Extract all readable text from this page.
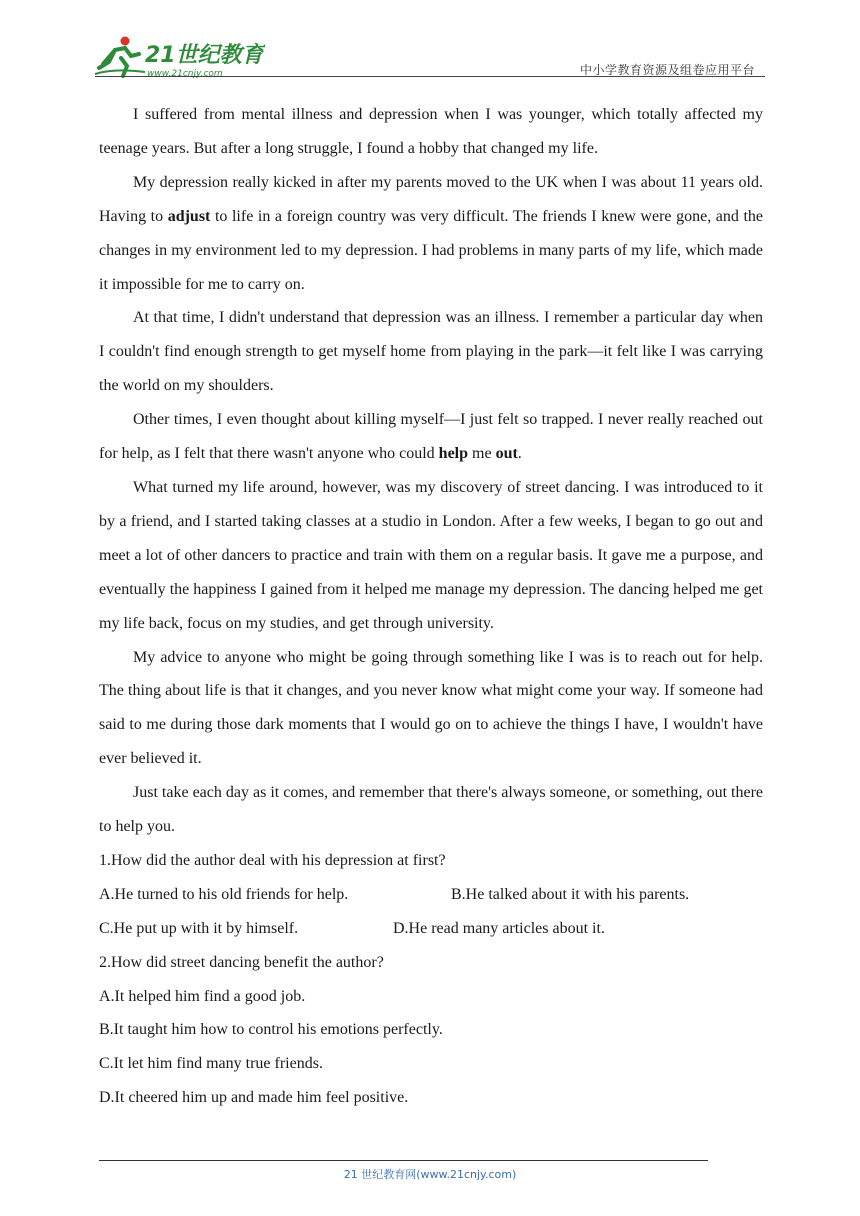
21世纪教育
www.21cnjy.com	中小学教育资源及组卷应用平台

I suffered from mental illness and depression when I was younger, which totally affected my teenage years. But after a long struggle, I found a hobby that changed my life.

My depression really kicked in after my parents moved to the UK when I was about 11 years old. Having to adjust to life in a foreign country was very difficult. The friends I knew were gone, and the changes in my environment led to my depression. I had problems in many parts of my life, which made it impossible for me to carry on.

At that time, I didn't understand that depression was an illness. I remember a particular day when I couldn't find enough strength to get myself home from playing in the park—it felt like I was carrying the world on my shoulders.

Other times, I even thought about killing myself—I just felt so trapped. I never really reached out for help, as I felt that there wasn't anyone who could help me out.

What turned my life around, however, was my discovery of street dancing. I was introduced to it by a friend, and I started taking classes at a studio in London. After a few weeks, I began to go out and meet a lot of other dancers to practice and train with them on a regular basis. It gave me a purpose, and eventually the happiness I gained from it helped me manage my depression. The dancing helped me get my life back, focus on my studies, and get through university.

My advice to anyone who might be going through something like I was is to reach out for help. The thing about life is that it changes, and you never know what might come your way. If someone had said to me during those dark moments that I would go on to achieve the things I have, I wouldn't have ever believed it.

Just take each day as it comes, and remember that there's always someone, or something, out there to help you.

1.How did the author deal with his depression at first?

A.He turned to his old friends for help.	B.He talked about it with his parents.
C.He put up with it by himself.	D.He read many articles about it.

2.How did street dancing benefit the author?

A.It helped him find a good job.

B.It taught him how to control his emotions perfectly.

C.It let him find many true friends.

D.It cheered him up and made him feel positive.

21 世纪教育网(www.21cnjy.com)
